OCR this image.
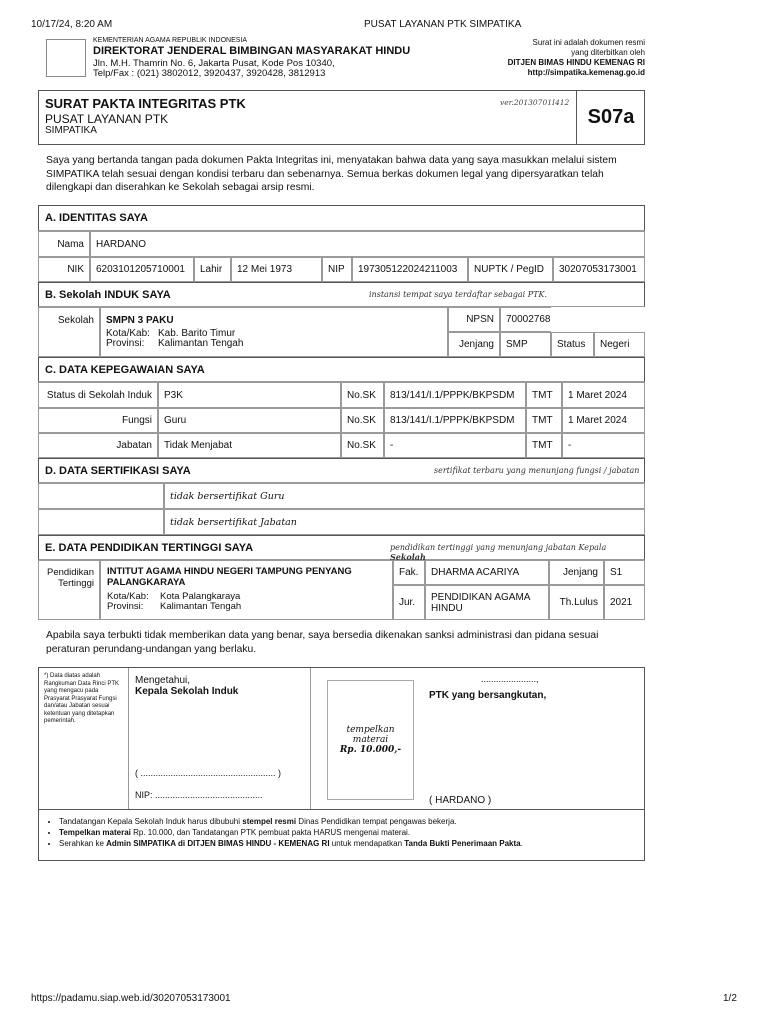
10/17/24, 8:20 AM	PUSAT LAYANAN PTK SIMPATIKA
KEMENTERIAN AGAMA REPUBLIK INDONESIA
DIREKTORAT JENDERAL BIMBINGAN MASYARAKAT HINDU
Jln. M.H. Thamrin No. 6, Jakarta Pusat, Kode Pos 10340,
Telp/Fax : (021) 3802012, 3920437, 3920428, 3812913
Surat ini adalah dokumen resmi
yang diterbitkan oleh
DITJEN BIMAS HINDU KEMENAG RI
http://simpatika.kemenag.go.id
SURAT PAKTA INTEGRITAS PTK
PUSAT LAYANAN PTK
SIMPATIKA
ver.20130701I412
S07a
Saya yang bertanda tangan pada dokumen Pakta Integritas ini, menyatakan bahwa data yang saya masukkan melalui sistem SIMPATIKA telah sesuai dengan kondisi terbaru dan sebenarnya. Semua berkas dokumen legal yang dipersyaratkan telah dilengkapi dan diserahkan ke Sekolah sebagai arsip resmi.
A. IDENTITAS SAYA
Nama	HARDANO
NIK	6203101205710001	Lahir	12 Mei 1973	NIP	197305122024211003	NUPTK / PegID	30207053173001
B. Sekolah INDUK SAYA	instansi tempat saya terdaftar sebagai PTK.
Sekolah	SMPN 3 PAKU
Kota/Kab: Kab. Barito Timur
Provinsi: Kalimantan Tengah
NPSN	70002768
Jenjang	SMP	Status	Negeri
C. DATA KEPEGAWAIAN SAYA
Status di Sekolah Induk	P3K	No.SK	813/141/I.1/PPPK/BKPSDM	TMT	1 Maret 2024
Fungsi	Guru	No.SK	813/141/I.1/PPPK/BKPSDM	TMT	1 Maret 2024
Jabatan	Tidak Menjabat	No.SK	-	TMT	-
D. DATA SERTIFIKASI SAYA	sertifikat terbaru yang menunjang fungsi / jabatan
tidak bersertifikat Guru
tidak bersertifikat Jabatan
E. DATA PENDIDIKAN TERTINGGI SAYA	pendidikan tertinggi yang menunjang jabatan Kepala Sekolah
Pendidikan
Tertinggi
INTITUT AGAMA HINDU NEGERI TAMPUNG PENYANG PALANGKARAYA
Kota/Kab: Kota Palangkaraya
Provinsi: Kalimantan Tengah
Fak.	DHARMA ACARIYA	Jenjang	S1
Jur.	PENDIDIKAN AGAMA HINDU	Th.Lulus	2021
Apabila saya terbukti tidak memberikan data yang benar, saya bersedia dikenakan sanksi administrasi dan pidana sesuai peraturan perundang-undangan yang berlaku.
*) Data diatas adalah Rangkuman Data Rinci PTK yang mengacu pada Prasyarat Prasyarat Fungsi dan/atau Jabatan sesuai ketentuan yang ditetapkan pemerintah.
Mengetahui,
Kepala Sekolah Induk
( ...................................................... )
NIP: ...........................................
tempelkan
materai
Rp. 10.000,-
......................,
PTK yang bersangkutan,
( HARDANO )
• Tandatangan Kepala Sekolah Induk harus dibubuhi stempel resmi Dinas Pendidikan tempat pengawas bekerja.
• Tempelkan materai Rp. 10.000, dan Tandatangan PTK pembuat pakta HARUS mengenai materai.
• Serahkan ke Admin SIMPATIKA di DITJEN BIMAS HINDU - KEMENAG RI untuk mendapatkan Tanda Bukti Penerimaan Pakta.
https://padamu.siap.web.id/30207053173001	1/2
